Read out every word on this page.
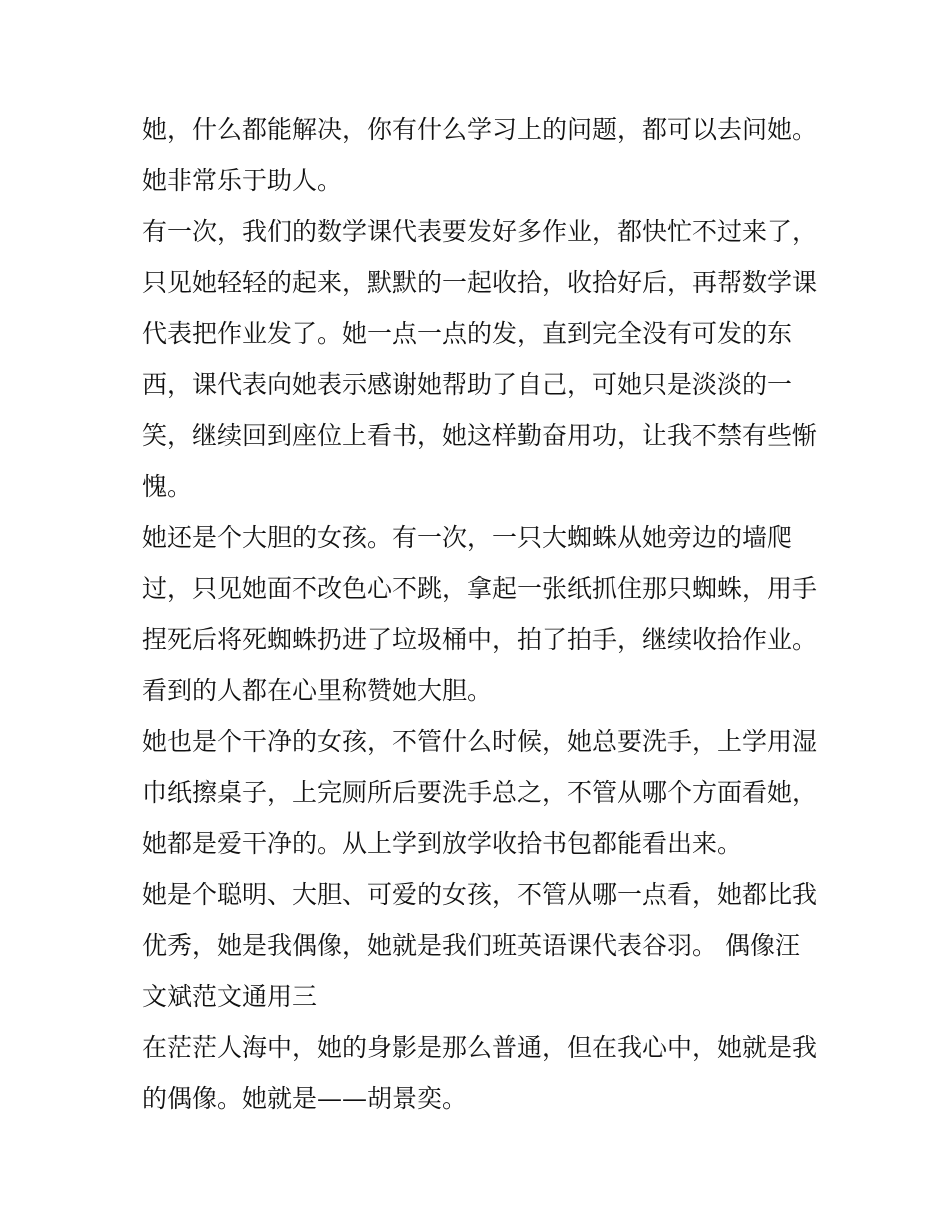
她，什么都能解决，你有什么学习上的问题，都可以去问她。
她非常乐于助人。
有一次，我们的数学课代表要发好多作业，都快忙不过来了，
只见她轻轻的起来，默默的一起收拾，收拾好后，再帮数学课
代表把作业发了。她一点一点的发，直到完全没有可发的东
西，课代表向她表示感谢她帮助了自己，可她只是淡淡的一
笑，继续回到座位上看书，她这样勤奋用功，让我不禁有些惭
愧。
她还是个大胆的女孩。有一次，一只大蜘蛛从她旁边的墙爬
过，只见她面不改色心不跳，拿起一张纸抓住那只蜘蛛，用手
捏死后将死蜘蛛扔进了垃圾桶中，拍了拍手，继续收拾作业。
看到的人都在心里称赞她大胆。
她也是个干净的女孩，不管什么时候，她总要洗手，上学用湿
巾纸擦桌子，上完厕所后要洗手总之，不管从哪个方面看她，
她都是爱干净的。从上学到放学收拾书包都能看出来。
她是个聪明、大胆、可爱的女孩，不管从哪一点看，她都比我
优秀，她是我偶像，她就是我们班英语课代表谷羽。 偶像汪
文斌范文通用三
在茫茫人海中，她的身影是那么普通，但在我心中，她就是我
的偶像。她就是——胡景奕。
